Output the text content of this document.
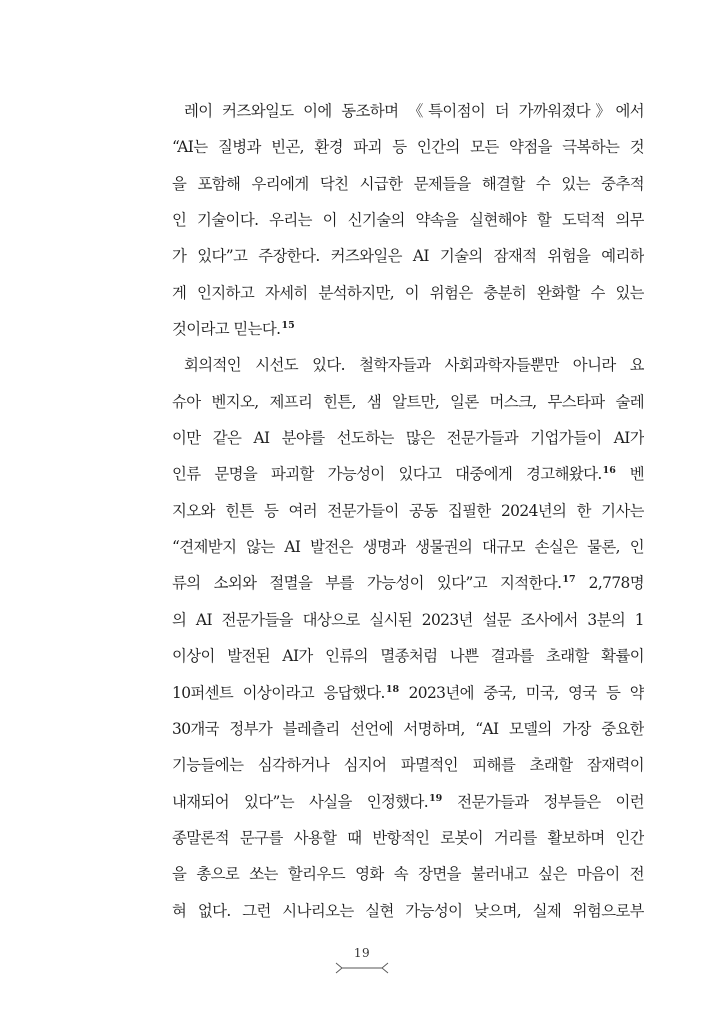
레이 커즈와일도 이에 동조하며 《특이점이 더 가까워졌다》에서
“AI는 질병과 빈곤, 환경 파괴 등 인간의 모든 약점을 극복하는 것
을 포함해 우리에게 닥친 시급한 문제들을 해결할 수 있는 중추적
인 기술이다. 우리는 이 신기술의 약속을 실현해야 할 도덕적 의무
가 있다”고 주장한다. 커즈와일은 AI 기술의 잠재적 위험을 예리하
게 인지하고 자세히 분석하지만, 이 위험은 충분히 완화할 수 있는
것이라고 믿는다.$^{15}$
회의적인 시선도 있다. 철학자들과 사회과학자들뿐만 아니라 요
슈아 벤지오, 제프리 힌튼, 샘 알트만, 일론 머스크, 무스타파 술레
이만 같은 AI 분야를 선도하는 많은 전문가들과 기업가들이 AI가
인류 문명을 파괴할 가능성이 있다고 대중에게 경고해왔다.$^{16}$ 벤
지오와 힌튼 등 여러 전문가들이 공동 집필한 2024년의 한 기사는
“견제받지 않는 AI 발전은 생명과 생물권의 대규모 손실은 물론, 인
류의 소외와 절멸을 부를 가능성이 있다”고 지적한다.$^{17}$ 2,778명
의 AI 전문가들을 대상으로 실시된 2023년 설문 조사에서 3분의 1
이상이 발전된 AI가 인류의 멸종처럼 나쁜 결과를 초래할 확률이
10퍼센트 이상이라고 응답했다.$^{18}$ 2023년에 중국, 미국, 영국 등 약
30개국 정부가 블레츨리 선언에 서명하며, “AI 모델의 가장 중요한
기능들에는 심각하거나 심지어 파멸적인 피해를 초래할 잠재력이
내재되어 있다”는 사실을 인정했다.$^{19}$ 전문가들과 정부들은 이런
종말론적 문구를 사용할 때 반항적인 로봇이 거리를 활보하며 인간
을 총으로 쏘는 할리우드 영화 속 장면을 불러내고 싶은 마음이 전
혀 없다. 그런 시나리오는 실현 가능성이 낮으며, 실제 위험으로부
19
